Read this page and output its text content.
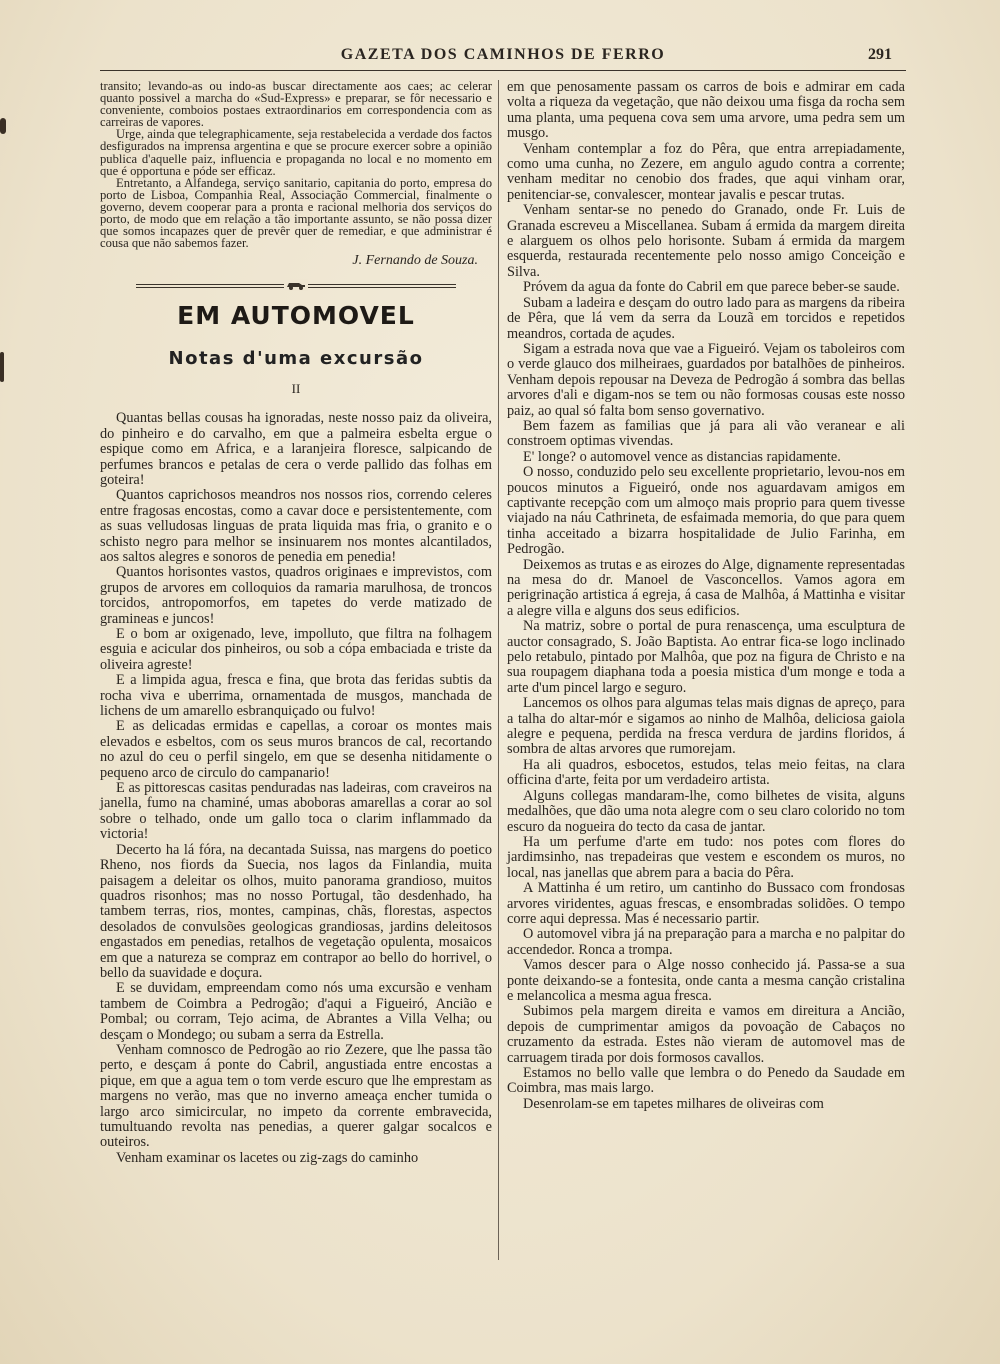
GAZETA DOS CAMINHOS DE FERRO	291

transito; levando-as ou indo-as buscar directamente aos caes; ac celerar quanto possivel a marcha do «Sud-Express» e preparar, se fôr necessario e conveniente, comboios postaes extraordinarios em correspondencia com as carreiras de vapores.

Urge, ainda que telegraphicamente, seja restabelecida a verdade dos factos desfigurados na imprensa argentina e que se procure exercer sobre a opinião publica d'aquelle paiz, influencia e propaganda no local e no momento em que é opportuna e póde ser efficaz.

Entretanto, a Alfandega, serviço sanitario, capitania do porto, empresa do porto de Lisboa, Companhia Real, Associação Commercial, finalmente o governo, devem cooperar para a pronta e racional melhoria dos serviços do porto, de modo que em relação a tão importante assunto, se não possa dizer que somos incapazes quer de prevêr quer de remediar, e que administrar é cousa que não sabemos fazer.

J. Fernando de Souza.
EM AUTOMOVEL
Notas d'uma excursão
II

Quantas bellas cousas ha ignoradas, neste nosso paiz da oliveira, do pinheiro e do carvalho, em que a palmeira esbelta ergue o espique como em Africa, e a laranjeira floresce, salpicando de perfumes brancos e petalas de cera o verde pallido das folhas em goteira!

Quantos caprichosos meandros nos nossos rios, correndo celeres entre fragosas encostas, como a cavar doce e persistentemente, com as suas velludosas linguas de prata liquida mas fria, o granito e o schisto negro para melhor se insinuarem nos montes alcantilados, aos saltos alegres e sonoros de penedia em penedia!

Quantos horisontes vastos, quadros originaes e imprevistos, com grupos de arvores em colloquios da ramaria marulhosa, de troncos torcidos, antropomorfos, em tapetes do verde matizado de gramineas e juncos!

E o bom ar oxigenado, leve, impolluto, que filtra na folhagem esguia e acicular dos pinheiros, ou sob a cópa embaciada e triste da oliveira agreste!

E a limpida agua, fresca e fina, que brota das feridas subtis da rocha viva e uberrima, ornamentada de musgos, manchada de lichens de um amarello esbranquiçado ou fulvo!

E as delicadas ermidas e capellas, a coroar os montes mais elevados e esbeltos, com os seus muros brancos de cal, recortando no azul do ceu o perfil singelo, em que se desenha nitidamente o pequeno arco de circulo do campanario!

E as pittorescas casitas penduradas nas ladeiras, com craveiros na janella, fumo na chaminé, umas aboboras amarellas a corar ao sol sobre o telhado, onde um gallo toca o clarim inflammado da victoria!

Decerto ha lá fóra, na decantada Suissa, nas margens do poetico Rheno, nos fiords da Suecia, nos lagos da Finlandia, muita paisagem a deleitar os olhos, muito panorama grandioso, muitos quadros risonhos; mas no nosso Portugal, tão desdenhado, ha tambem terras, rios, montes, campinas, chãs, florestas, aspectos desolados de convulsões geologicas grandiosas, jardins deleitosos engastados em penedias, retalhos de vegetação opulenta, mosaicos em que a natureza se compraz em contrapor ao bello do horrivel, o bello da suavidade e doçura.

E se duvidam, empreendam como nós uma excursão e venham tambem de Coimbra a Pedrogão; d'aqui a Figueiró, Ancião e Pombal; ou corram, Tejo acima, de Abrantes a Villa Velha; ou desçam o Mondego; ou subam a serra da Estrella.

Venham comnosco de Pedrogão ao rio Zezere, que lhe passa tão perto, e desçam á ponte do Cabril, angustiada entre encostas a pique, em que a agua tem o tom verde escuro que lhe emprestam as margens no verão, mas que no inverno ameaça encher tumida o largo arco simicircular, no impeto da corrente embravecida, tumultuando revolta nas penedias, a querer galgar socalcos e outeiros.

Venham examinar os lacetes ou zig-zags do caminho

em que penosamente passam os carros de bois e admirar em cada volta a riqueza da vegetação, que não deixou uma fisga da rocha sem uma planta, uma pequena cova sem uma arvore, uma pedra sem um musgo.

Venham contemplar a foz do Pêra, que entra arrepiadamente, como uma cunha, no Zezere, em angulo agudo contra a corrente; venham meditar no cenobio dos frades, que aqui vinham orar, penitenciar-se, convalescer, montear javalis e pescar trutas.

Venham sentar-se no penedo do Granado, onde Fr. Luis de Granada escreveu a Miscellanea. Subam á ermida da margem direita e alarguem os olhos pelo horisonte. Subam á ermida da margem esquerda, restaurada recentemente pelo nosso amigo Conceição e Silva.

Próvem da agua da fonte do Cabril em que parece beber-se saude.

Subam a ladeira e desçam do outro lado para as margens da ribeira de Pêra, que lá vem da serra da Louzã em torcidos e repetidos meandros, cortada de açudes.

Sigam a estrada nova que vae a Figueiró. Vejam os taboleiros com o verde glauco dos milheiraes, guardados por batalhões de pinheiros. Venham depois repousar na Deveza de Pedrogão á sombra das bellas arvores d'ali e digam-nos se tem ou não formosas cousas este nosso paiz, ao qual só falta bom senso governativo.

Bem fazem as familias que já para ali vão veranear e ali constroem optimas vivendas.

E' longe? o automovel vence as distancias rapidamente.

O nosso, conduzido pelo seu excellente proprietario, levou-nos em poucos minutos a Figueiró, onde nos aguardavam amigos em captivante recepção com um almoço mais proprio para quem tivesse viajado na náu Cathrineta, de esfaimada memoria, do que para quem tinha acceitado a bizarra hospitalidade de Julio Farinha, em Pedrogão.

Deixemos as trutas e as eirozes do Alge, dignamente representadas na mesa do dr. Manoel de Vasconcellos. Vamos agora em perigrinação artistica á egreja, á casa de Malhôa, á Mattinha e visitar a alegre villa e alguns dos seus edificios.

Na matriz, sobre o portal de pura renascença, uma esculptura de auctor consagrado, S. João Baptista. Ao entrar fica-se logo inclinado pelo retabulo, pintado por Malhôa, que poz na figura de Christo e na sua roupagem diaphana toda a poesia mistica d'um monge e toda a arte d'um pincel largo e seguro.

Lancemos os olhos para algumas telas mais dignas de apreço, para a talha do altar-mór e sigamos ao ninho de Malhôa, deliciosa gaiola alegre e pequena, perdida na fresca verdura de jardins floridos, á sombra de altas arvores que rumorejam.

Ha ali quadros, esbocetos, estudos, telas meio feitas, na clara officina d'arte, feita por um verdadeiro artista.

Alguns collegas mandaram-lhe, como bilhetes de visita, alguns medalhões, que dão uma nota alegre com o seu claro colorido no tom escuro da nogueira do tecto da casa de jantar.

Ha um perfume d'arte em tudo: nos potes com flores do jardimsinho, nas trepadeiras que vestem e escondem os muros, no local, nas janellas que abrem para a bacia do Pêra.

A Mattinha é um retiro, um cantinho do Bussaco com frondosas arvores viridentes, aguas frescas, e ensombradas solidões. O tempo corre aqui depressa. Mas é necessario partir.

O automovel vibra já na preparação para a marcha e no palpitar do accendedor. Ronca a trompa.

Vamos descer para o Alge nosso conhecido já. Passa-se a sua ponte deixando-se a fontesita, onde canta a mesma canção cristalina e melancolica a mesma agua fresca.

Subimos pela margem direita e vamos em direitura a Ancião, depois de cumprimentar amigos da povoação de Cabaços no cruzamento da estrada. Estes não vieram de automovel mas de carruagem tirada por dois formosos cavallos.

Estamos no bello valle que lembra o do Penedo da Saudade em Coimbra, mas mais largo.

Desenrolam-se em tapetes milhares de oliveiras com
